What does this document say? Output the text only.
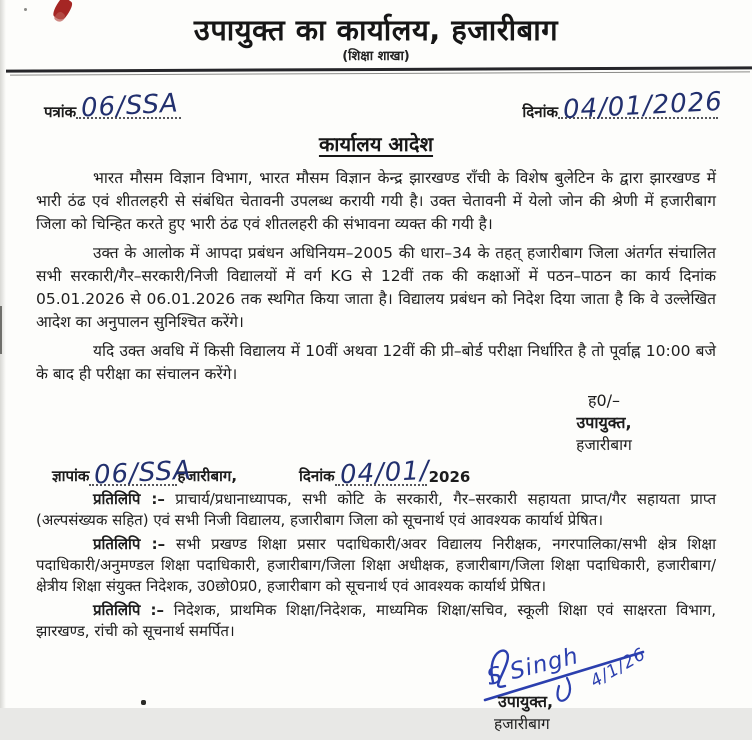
उपायुक्त का कार्यालय, हजारीबाग
(शिक्षा शाखा)
पत्रांक 06/SSA	दिनांक 04/01/2026
कार्यालय आदेश

भारत मौसम विज्ञान विभाग, भारत मौसम विज्ञान केन्द्र झारखण्ड राँची के विशेष बुलेटिन के द्वारा झारखण्ड में भारी ठंढ एवं शीतलहरी से संबंधित चेतावनी उपलब्ध करायी गयी है। उक्त चेतावनी में येलो जोन की श्रेणी में हजारीबाग जिला को चिन्हित करते हुए भारी ठंढ एवं शीतलहरी की संभावना व्यक्त की गयी है।

उक्त के आलोक में आपदा प्रबंधन अधिनियम–2005 की धारा–34 के तहत् हजारीबाग जिला अंतर्गत संचालित सभी सरकारी/गैर–सरकारी/निजी विद्यालयों में वर्ग KG से 12वीं तक की कक्षाओं में पठन–पाठन का कार्य दिनांक 05.01.2026 से 06.01.2026 तक स्थगित किया जाता है। विद्यालय प्रबंधन को निदेश दिया जाता है कि वे उल्लेखित आदेश का अनुपालन सुनिश्चित करेंगे।

यदि उक्त अवधि में किसी विद्यालय में 10वीं अथवा 12वीं की प्री–बोर्ड परीक्षा निर्धारित है तो पूर्वाह्न 10:00 बजे के बाद ही परीक्षा का संचालन करेंगे।

ह0/–
उपायुक्त,
हजारीबाग
ज्ञापांक 06/SSA
हजारीबाग,	दिनांक 04/01/
2026

प्रतिलिपि :– प्राचार्य/प्रधानाध्यापक, सभी कोटि के सरकारी, गैर–सरकारी सहायता प्राप्त/गैर सहायता प्राप्त (अल्पसंख्यक सहित) एवं सभी निजी विद्यालय, हजारीबाग जिला को सूचनार्थ एवं आवश्यक कार्यार्थ प्रेषित।

प्रतिलिपि :– सभी प्रखण्ड शिक्षा प्रसार पदाधिकारी/अवर विद्यालय निरीक्षक, नगरपालिका/सभी क्षेत्र शिक्षा पदाधिकारी/अनुमण्डल शिक्षा पदाधिकारी, हजारीबाग/जिला शिक्षा अधीक्षक, हजारीबाग/जिला शिक्षा पदाधिकारी, हजारीबाग/क्षेत्रीय शिक्षा संयुक्त निदेशक, उ0छो0प्र0, हजारीबाग को सूचनार्थ एवं आवश्यक कार्यार्थ प्रेषित।

प्रतिलिपि :– निदेशक, प्राथमिक शिक्षा/निदेशक, माध्यमिक शिक्षा/सचिव, स्कूली शिक्षा एवं साक्षरता विभाग, झारखण्ड, रांची को सूचनार्थ समर्पित।

S Singh 4/1/26
उपायुक्त,
हजारीबाग
